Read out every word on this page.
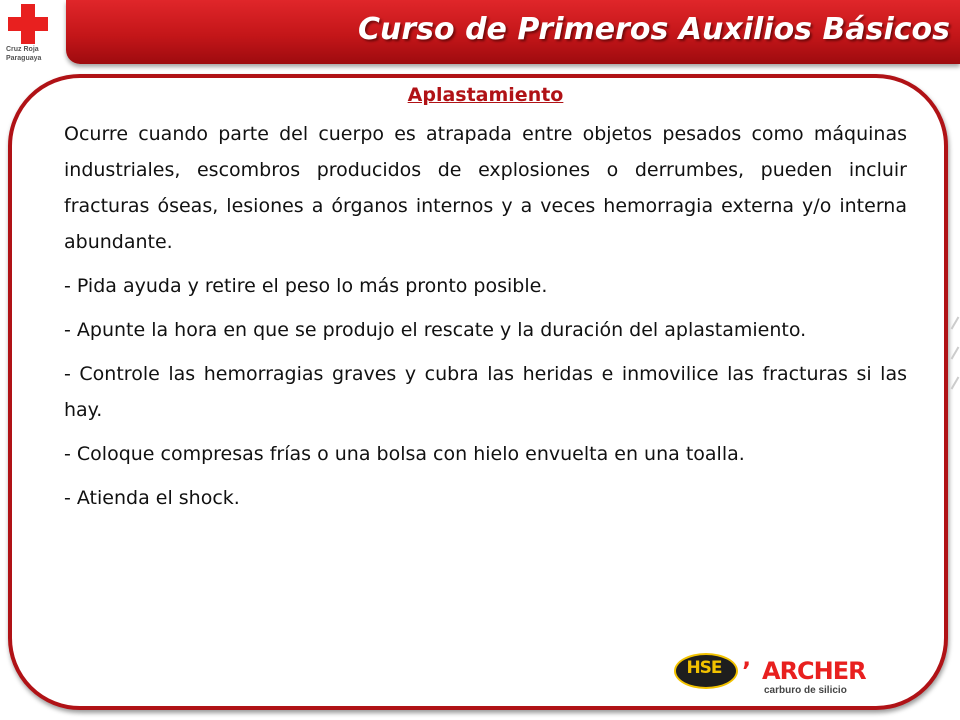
Cruz Roja
Paraguaya
Curso de Primeros Auxilios Básicos
Aplastamiento

Ocurre cuando parte del cuerpo es atrapada entre objetos pesados como máquinas industriales, escombros producidos de explosiones o derrumbes, pueden incluir fracturas óseas, lesiones a órganos internos y a veces hemorragia externa y/o interna abundante.

- Pida ayuda y retire el peso lo más pronto posible.

- Apunte la hora en que se produjo el rescate y la duración del aplastamiento.

- Controle las hemorragias graves y cubra las heridas e inmovilice las fracturas si las hay.

- Coloque compresas frías o una bolsa con hielo envuelta en una toalla.

- Atienda el shock.

HSE ’ ARCHER
carburo de silicio
